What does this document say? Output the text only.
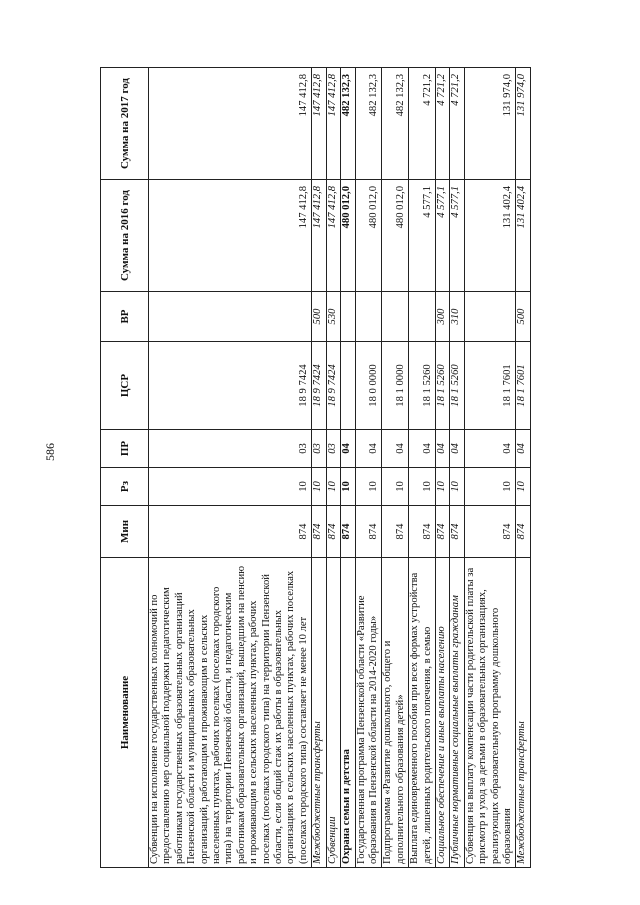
586
Наименование	Мин	Рз	ПР	ЦСР	ВР	Сумма на 2016 год	Сумма на 2017 год
Субвенции на исполнение государственных полномочий по предоставлению мер социальной поддержки педагогическим работникам государственных образовательных организаций Пензенской области и муниципальных образовательных организаций, работающим и проживающим в сельских населенных пунктах, рабочих поселках (поселках городского типа) на территории Пензенской области, и педагогическим работникам образовательных организаций, вышедшим на пенсию и проживающим в сельских населенных пунктах, рабочих поселках (поселках городского типа) на территории Пензенской области, если общий стаж их работы в образовательных организациях в сельских населенных пунктах, рабочих поселках (поселках городского типа) составляет не менее 10 лет	874	10	03	18 9 7424		147 412,8	147 412,8
Межбюджетные трансферты	874	10	03	18 9 7424	500	147 412,8	147 412,8
Субвенции	874	10	03	18 9 7424	530	147 412,8	147 412,8
Охрана семьи и детства	874	10	04			480 012,0	482 132,3
Государственная программа Пензенской области «Развитие образования в Пензенской области на 2014-2020 годы»	874	10	04	18 0 0000		480 012,0	482 132,3
Подпрограмма «Развитие дошкольного, общего и дополнительного образования детей»	874	10	04	18 1 0000		480 012,0	482 132,3
Выплата единовременного пособия при всех формах устройства детей, лишенных родительского попечения, в семью	874	10	04	18 1 5260		4 577,1	4 721,2
Социальное обеспечение и иные выплаты населению	874	10	04	18 1 5260	300	4 577,1	4 721,2
Публичные нормативные социальные выплаты гражданам	874	10	04	18 1 5260	310	4 577,1	4 721,2
Субвенция на выплату компенсации части родительской платы за присмотр и уход за детьми в образовательных организациях, реализующих образовательную программу дошкольного образования	874	10	04	18 1 7601		131 402,4	131 974,0
Межбюджетные трансферты	874	10	04	18 1 7601	500	131 402,4	131 974,0
